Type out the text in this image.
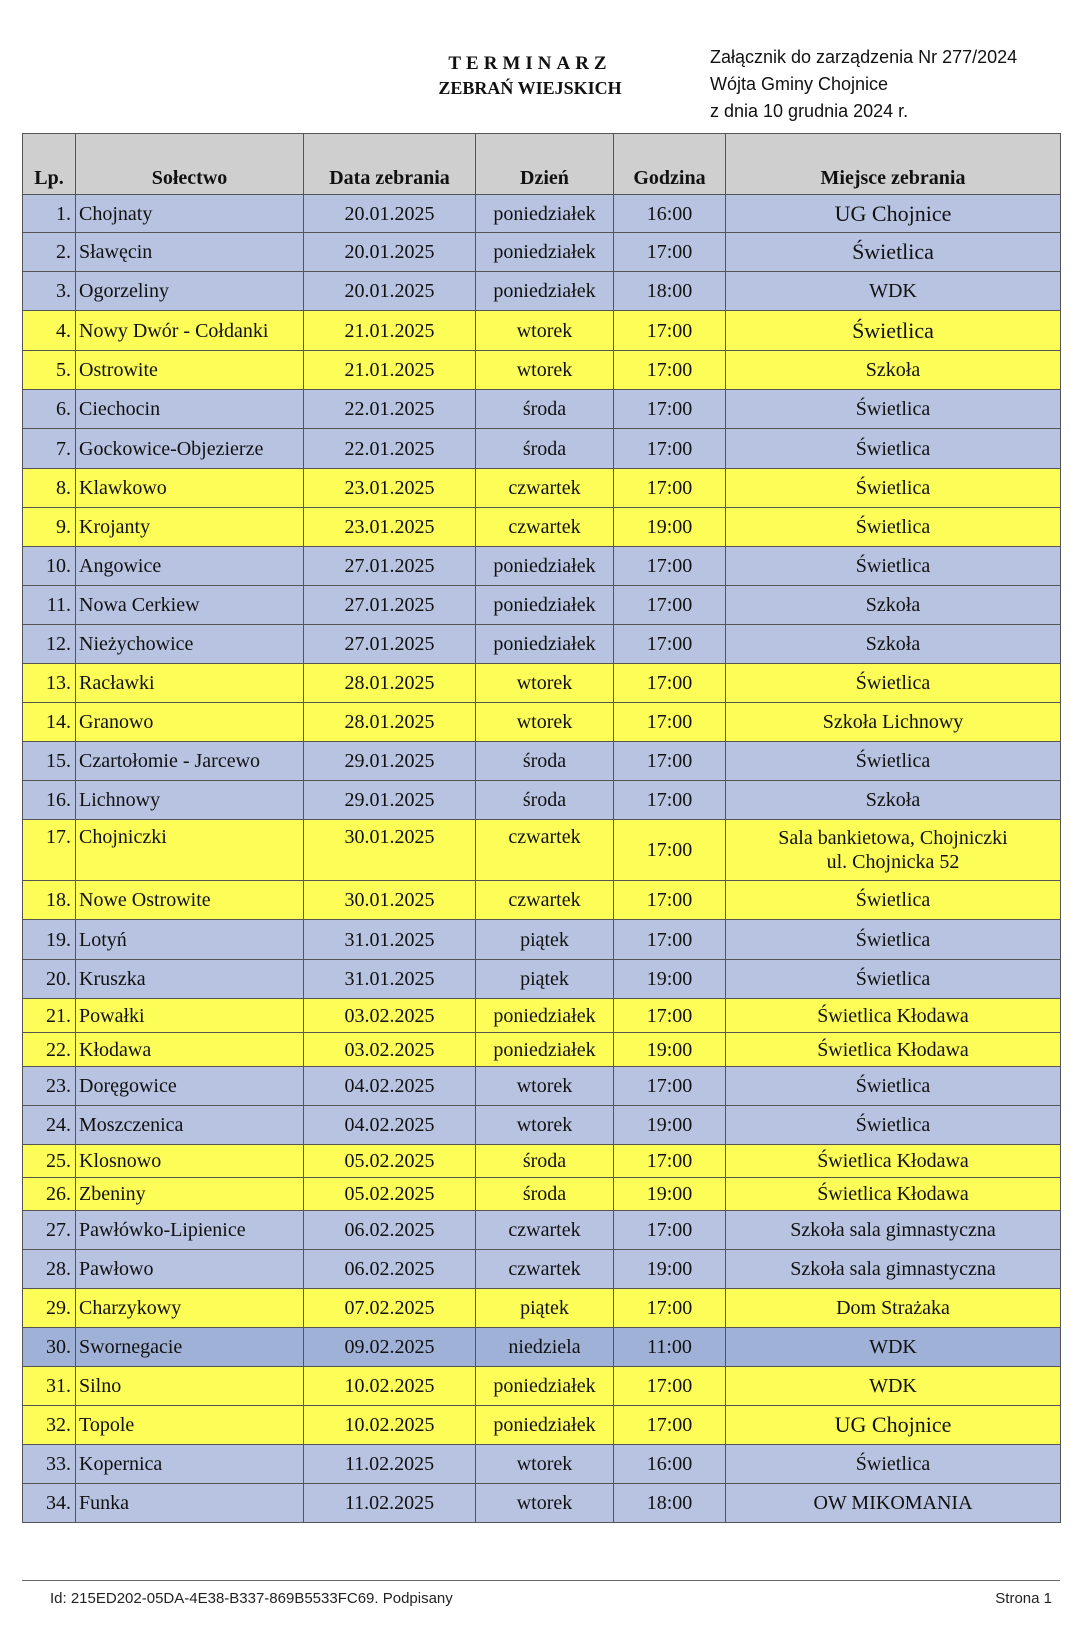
TERMINARZ
ZEBRAŃ WIEJSKICH
Załącznik do zarządzenia Nr 277/2024
Wójta Gminy Chojnice
z dnia 10 grudnia 2024 r.
Lp.	Sołectwo	Data zebrania	Dzień	Godzina	Miejsce zebrania
1.	Chojnaty	20.01.2025	poniedziałek	16:00	UG Chojnice

2.	Sławęcin	20.01.2025	poniedziałek	17:00	Świetlica

3.	Ogorzeliny	20.01.2025	poniedziałek	18:00	WDK

4.	Nowy Dwór - Cołdanki	21.01.2025	wtorek	17:00	Świetlica

5.	Ostrowite	21.01.2025	wtorek	17:00	Szkoła

6.	Ciechocin	22.01.2025	środa	17:00	Świetlica

7.	Gockowice-Objezierze	22.01.2025	środa	17:00	Świetlica

8.	Klawkowo	23.01.2025	czwartek	17:00	Świetlica

9.	Krojanty	23.01.2025	czwartek	19:00	Świetlica

10.	Angowice	27.01.2025	poniedziałek	17:00	Świetlica

11.	Nowa Cerkiew	27.01.2025	poniedziałek	17:00	Szkoła

12.	Nieżychowice	27.01.2025	poniedziałek	17:00	Szkoła

13.	Racławki	28.01.2025	wtorek	17:00	Świetlica

14.	Granowo	28.01.2025	wtorek	17:00	Szkoła Lichnowy

15.	Czartołomie - Jarcewo	29.01.2025	środa	17:00	Świetlica

16.	Lichnowy	29.01.2025	środa	17:00	Szkoła

17.	Chojniczki	30.01.2025	czwartek	17:00	Sala bankietowa, Chojniczki
ul. Chojnicka 52

18.	Nowe Ostrowite	30.01.2025	czwartek	17:00	Świetlica

19.	Lotyń	31.01.2025	piątek	17:00	Świetlica

20.	Kruszka	31.01.2025	piątek	19:00	Świetlica

21.	Powałki	03.02.2025	poniedziałek	17:00	Świetlica Kłodawa

22.	Kłodawa	03.02.2025	poniedziałek	19:00	Świetlica Kłodawa

23.	Doręgowice	04.02.2025	wtorek	17:00	Świetlica

24.	Moszczenica	04.02.2025	wtorek	19:00	Świetlica

25.	Klosnowo	05.02.2025	środa	17:00	Świetlica Kłodawa

26.	Zbeniny	05.02.2025	środa	19:00	Świetlica Kłodawa

27.	Pawłówko-Lipienice	06.02.2025	czwartek	17:00	Szkoła sala gimnastyczna

28.	Pawłowo	06.02.2025	czwartek	19:00	Szkoła sala gimnastyczna

29.	Charzykowy	07.02.2025	piątek	17:00	Dom Strażaka

30.	Swornegacie	09.02.2025	niedziela	11:00	WDK

31.	Silno	10.02.2025	poniedziałek	17:00	WDK

32.	Topole	10.02.2025	poniedziałek	17:00	UG Chojnice

33.	Kopernica	11.02.2025	wtorek	16:00	Świetlica

34.	Funka	11.02.2025	wtorek	18:00	OW MIKOMANIA
Id: 215ED202-05DA-4E38-B337-869B5533FC69. Podpisany	Strona 1
